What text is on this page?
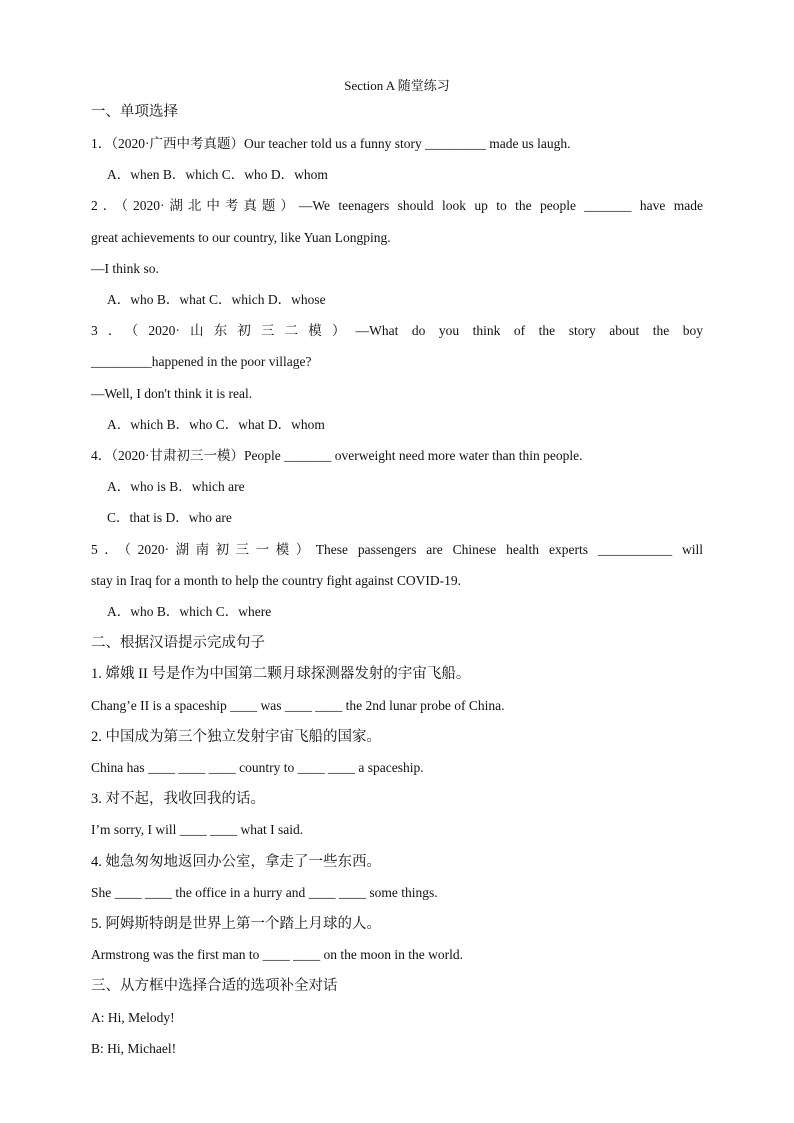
Section A 随堂练习
一、单项选择
1．（2020·广西中考真题）Our teacher told us a funny story _________ made us laugh.
A．when B．which C．who D．whom
2．（2020·湖北中考真题）—We teenagers should look up to the people _______ have made
great achievements to our country, like Yuan Longping.
—I think so.
A．who B．what C．which D．whose
3．（2020·山东初三二模）—What do you think of the story about the boy
_________happened in the poor village?
—Well, I don't think it is real.
A．which B．who C．what D．whom
4．（2020·甘肃初三一模）People _______ overweight need more water than thin people.
A．who is B．which are
C．that is D．who are
5．（2020·湖南初三一模）These passengers are Chinese health experts ___________ will
stay in Iraq for a month to help the country fight against COVID-19.
A．who B．which C．where
二、根据汉语提示完成句子
1. 嫦娥 II 号是作为中国第二颗月球探测器发射的宇宙飞船。
Chang’e II is a spaceship ____ was ____ ____ the 2nd lunar probe of China.
2. 中国成为第三个独立发射宇宙飞船的国家。
China has ____ ____ ____ country to ____ ____ a spaceship.
3. 对不起，我收回我的话。
I’m sorry, I will ____ ____ what I said.
4. 她急匆匆地返回办公室，拿走了一些东西。
She ____ ____ the office in a hurry and ____ ____ some things.
5. 阿姆斯特朗是世界上第一个踏上月球的人。
Armstrong was the first man to ____ ____ on the moon in the world.
三、从方框中选择合适的选项补全对话
A: Hi, Melody!
B: Hi, Michael!
